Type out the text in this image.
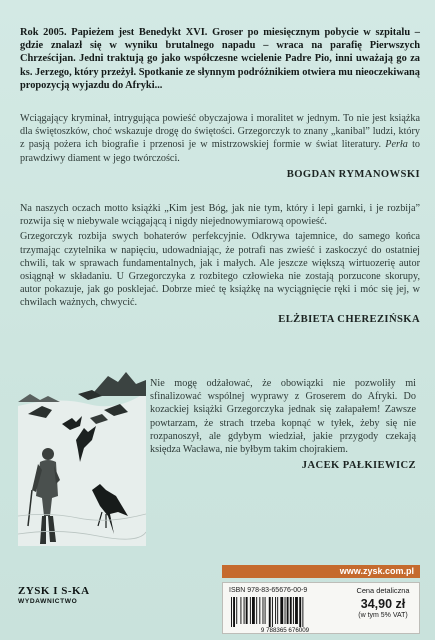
Rok 2005. Papieżem jest Benedykt XVI. Groser po miesięcznym pobycie w szpitalu – gdzie znalazł się w wyniku brutalnego napadu – wraca na parafię Pierwszych Chrześcijan. Jedni traktują go jako współczesne wcielenie Padre Pio, inni uważają go za ks. Jerzego, który przeżył. Spotkanie ze słynnym podróżnikiem otwiera mu nieoczekiwaną propozycją wyjazdu do Afryki...

Wciągający kryminał, intrygująca powieść obyczajowa i moralitet w jednym. To nie jest książka dla świętoszków, choć wskazuje drogę do świętości. Grzegorczyk to znany „kanibal” ludzi, który z pasją pożera ich biografie i przenosi je w mistrzowskiej formie w świat literatury. Perła to prawdziwy diament w jego twórczości.

BOGDAN RYMANOWSKI

Na naszych oczach motto książki „Kim jest Bóg, jak nie tym, który i lepi garnki, i je rozbija” rozwija się w niebywale wciągającą i nigdy niejednowymiarową opowieść.

Grzegorczyk rozbija swych bohaterów perfekcyjnie. Odkrywa tajemnice, do samego końca trzymając czytelnika w napięciu, udowadniając, że potrafi nas zwieść i zaskoczyć do ostatniej chwili, tak w sprawach fundamentalnych, jak i małych. Ale jeszcze większą wirtuozerię autor osiągnął w składaniu. U Grzegorczyka z rozbitego człowieka nie zostają porzucone skorupy, autor pokazuje, jak go posklejać. Dobrze mieć tę książkę na wyciągnięcie ręki i móc się jej, w chwilach ważnych, chwycić.

ELŻBIETA CHEREZIŃSKA

Nie mogę odżałować, że obowiązki nie pozwoliły mi sfinalizować wspólnej wyprawy z Groserem do Afryki. Do kozackiej książki Grzegorczyka jednak się załapałem! Zawsze powtarzam, że strach trzeba kopnąć w tyłek, żeby się nie rozpanoszył, ale gdybym wiedział, jakie przygody czekają księdza Wacława, nie byłbym takim chojrakiem.

JACEK PAŁKIEWICZ
ZYSK I S-KA
WYDAWNICTWO
www.zysk.com.pl
ISBN 978-83-65676-00-9
9 788365 676009
Cena detaliczna
34,90 zł
(w tym 5% VAT)
